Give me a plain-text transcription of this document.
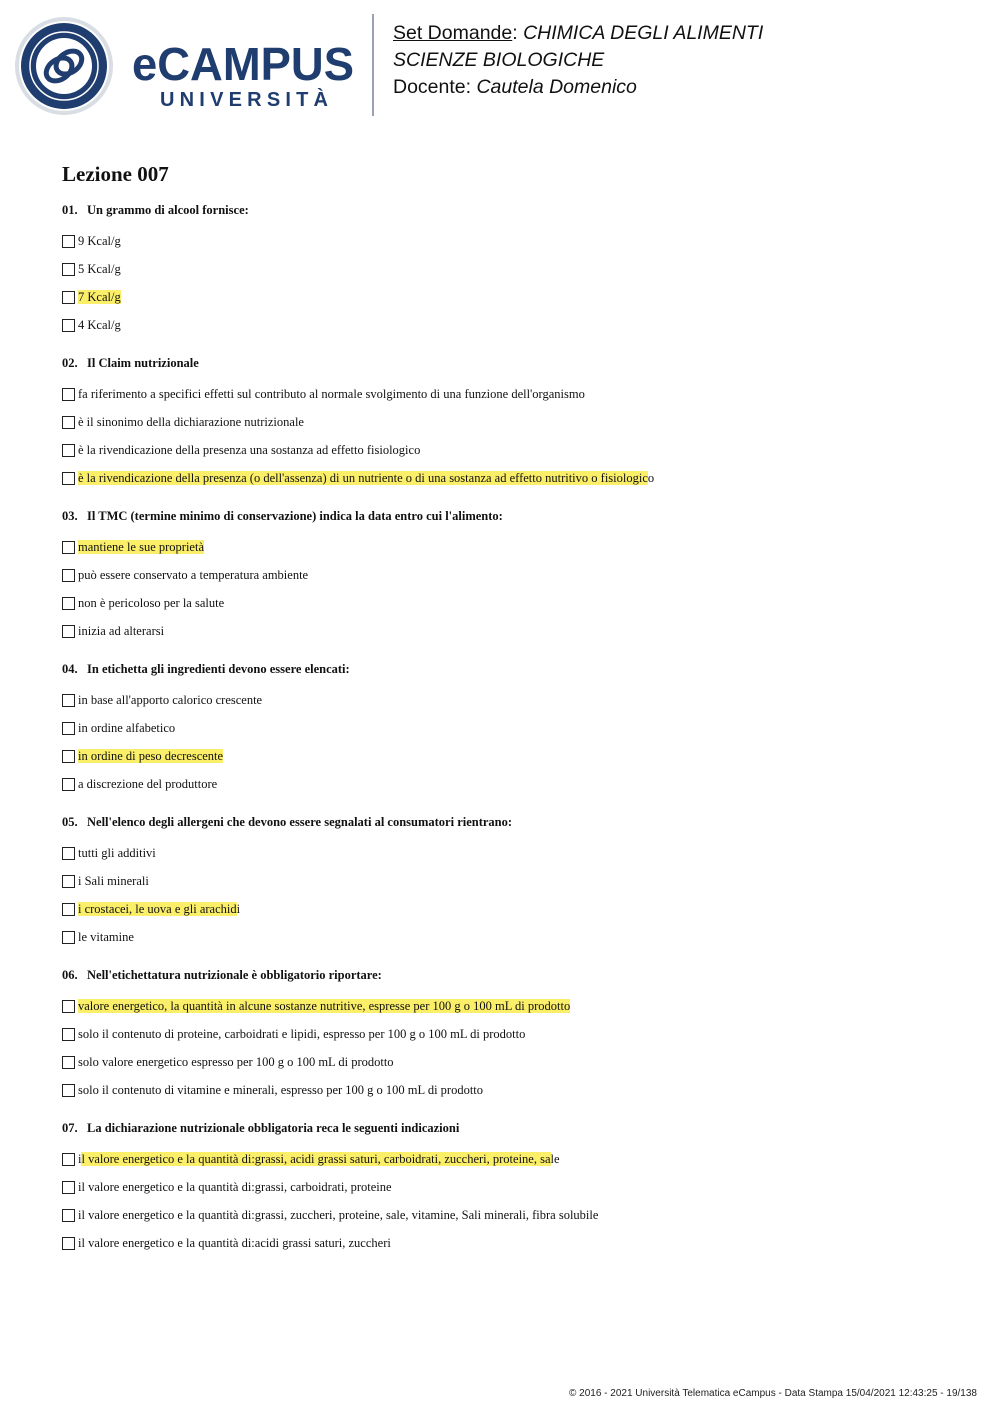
eCAMPUS
UNIVERSITÀ
Set Domande: CHIMICA DEGLI ALIMENTI
SCIENZE BIOLOGICHE
Docente: Cautela Domenico
Lezione 007
01. Un grammo di alcool fornisce:
9 Kcal/g
5 Kcal/g
7 Kcal/g
4 Kcal/g
02. Il Claim nutrizionale
fa riferimento a specifici effetti sul contributo al normale svolgimento di una funzione dell'organismo
è il sinonimo della dichiarazione nutrizionale
è la rivendicazione della presenza una sostanza ad effetto fisiologico
è la rivendicazione della presenza (o dell'assenza) di un nutriente o di una sostanza ad effetto nutritivo o fisiologico
03. Il TMC (termine minimo di conservazione) indica la data entro cui l'alimento:
mantiene le sue proprietà
può essere conservato a temperatura ambiente
non è pericoloso per la salute
inizia ad alterarsi
04. In etichetta gli ingredienti devono essere elencati:
in base all'apporto calorico crescente
in ordine alfabetico
in ordine di peso decrescente
a discrezione del produttore
05. Nell'elenco degli allergeni che devono essere segnalati al consumatori rientrano:
tutti gli additivi
i Sali minerali
i crostacei, le uova e gli arachidi
le vitamine
06. Nell'etichettatura nutrizionale è obbligatorio riportare:
valore energetico, la quantità in alcune sostanze nutritive, espresse per 100 g o 100 mL di prodotto
solo il contenuto di proteine, carboidrati e lipidi, espresso per 100 g o 100 mL di prodotto
solo valore energetico espresso per 100 g o 100 mL di prodotto
solo il contenuto di vitamine e minerali, espresso per 100 g o 100 mL di prodotto
07. La dichiarazione nutrizionale obbligatoria reca le seguenti indicazioni
il valore energetico e la quantità di:grassi, acidi grassi saturi, carboidrati, zuccheri, proteine, sale
il valore energetico e la quantità di:grassi, carboidrati, proteine
il valore energetico e la quantità di:grassi, zuccheri, proteine, sale, vitamine, Sali minerali, fibra solubile
il valore energetico e la quantità di:acidi grassi saturi, zuccheri
© 2016 - 2021 Università Telematica eCampus - Data Stampa 15/04/2021 12:43:25 - 19/138
